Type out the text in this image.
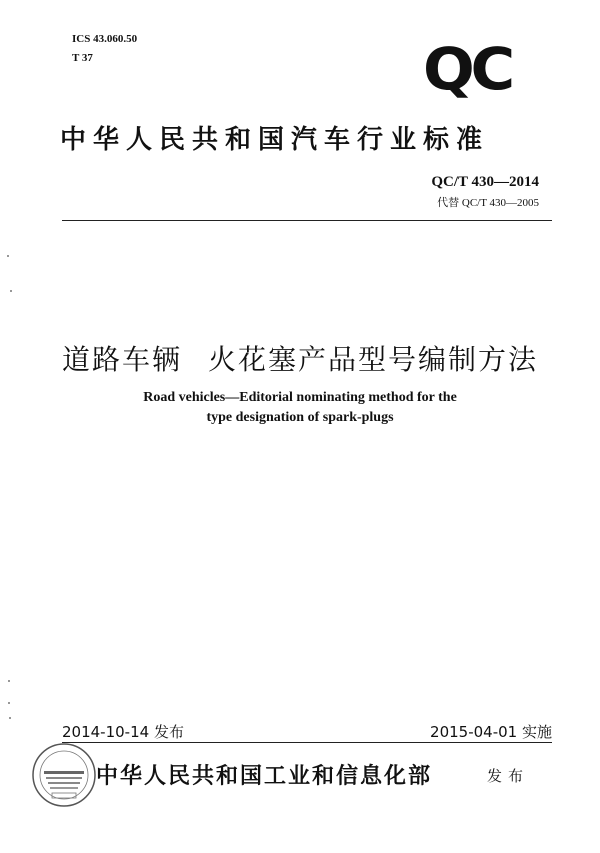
ICS 43.060.50
T 37	QC
中华人民共和国汽车行业标准
QC/T 430—2014
代替 QC/T 430—2005
道路车辆 火花塞产品型号编制方法
Road vehicles—Editorial nominating method for the
type designation of spark-plugs
2014-10-14 发布	2015-04-01 实施
中华人民共和国工业和信息化部	发布
